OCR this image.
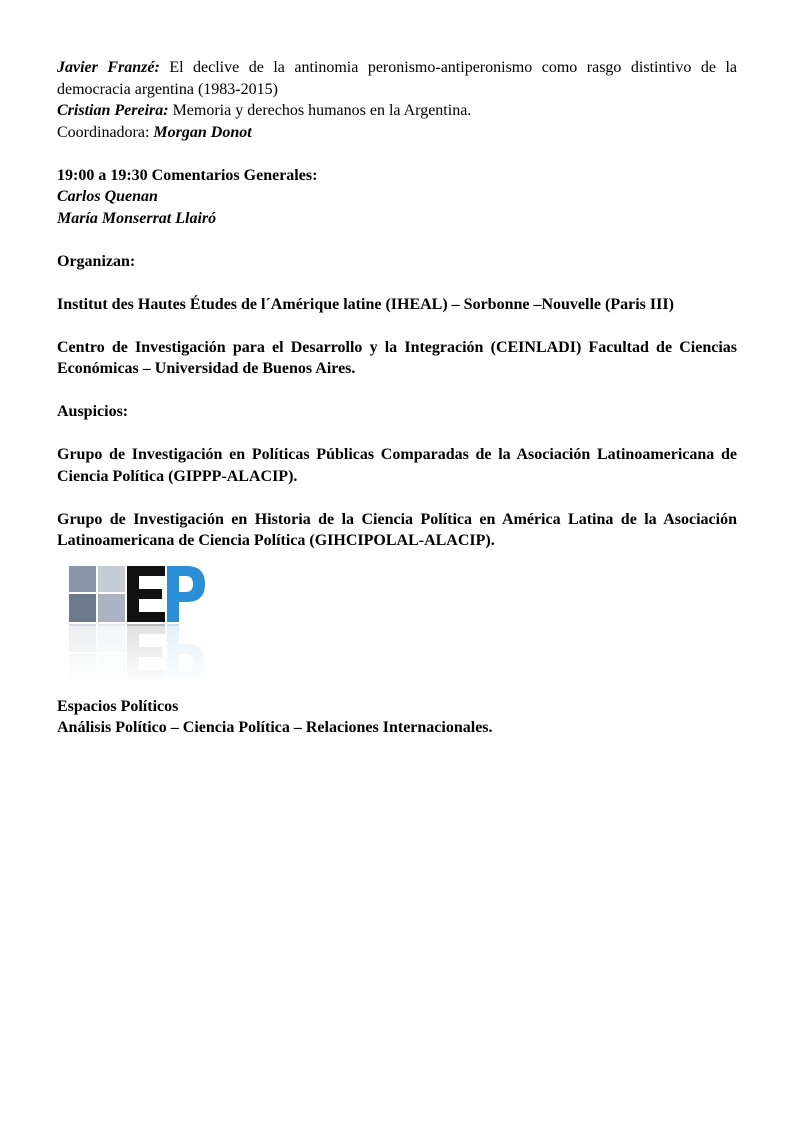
Javier Franzé: El declive de la antinomia peronismo-antiperonismo como rasgo distintivo de la democracia argentina (1983-2015)

Cristian Pereira: Memoria y derechos humanos en la Argentina.

Coordinadora: Morgan Donot

19:00 a 19:30 Comentarios Generales:

Carlos Quenan

María Monserrat Llairó

Organizan:

Institut des Hautes Études de l´Amérique latine (IHEAL) – Sorbonne –Nouvelle (Paris III)

Centro de Investigación para el Desarrollo y la Integración (CEINLADI) Facultad de Ciencias Económicas – Universidad de Buenos Aires.

Auspicios:

Grupo de Investigación en Políticas Públicas Comparadas de la Asociación Latinoamericana de Ciencia Política (GIPPP-ALACIP).

Grupo de Investigación en Historia de la Ciencia Política en América Latina de la Asociación Latinoamericana de Ciencia Política (GIHCIPOLAL-ALACIP).

Espacios Políticos

Análisis Político – Ciencia Política – Relaciones Internacionales.
